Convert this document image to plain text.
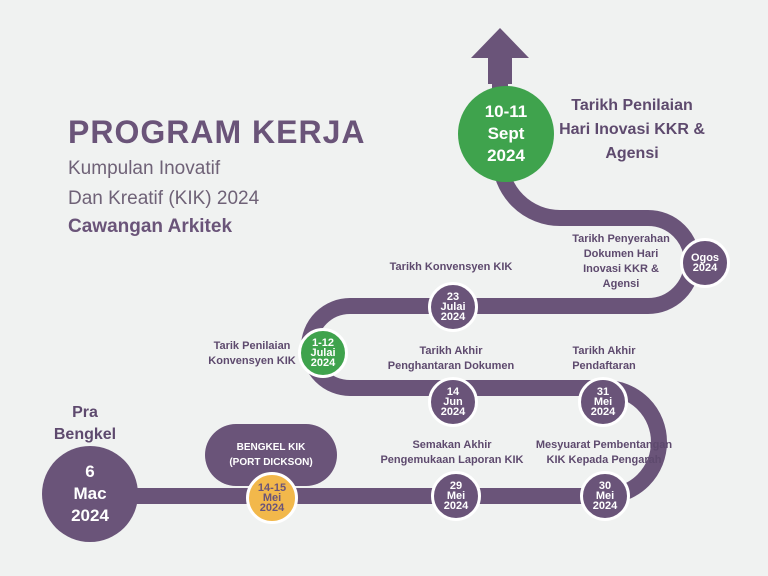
PROGRAM KERJA
Kumpulan Inovatif
Dan Kreatif (KIK) 2024
Cawangan Arkitek
Pra
Bengkel
6
Mac
2024
BENGKEL KIK
(PORT DICKSON)
14-15
Mei
2024
Semakan Akhir
Pengemukaan Laporan KIK
29
Mei
2024
Mesyuarat Pembentangan
KIK Kepada Pengarah
30
Mei
2024
Tarikh Akhir
Pendaftaran
31
Mei
2024
Tarikh Akhir
Penghantaran Dokumen
14
Jun
2024
Tarik Penilaian
Konvensyen KIK
1-12
Julai
2024
Tarikh Konvensyen KIK
23
Julai
2024
Tarikh Penyerahan
Dokumen Hari
Inovasi KKR &
Agensi
Ogos
2024
10-11
Sept
2024
Tarikh Penilaian
Hari Inovasi KKR &
Agensi
